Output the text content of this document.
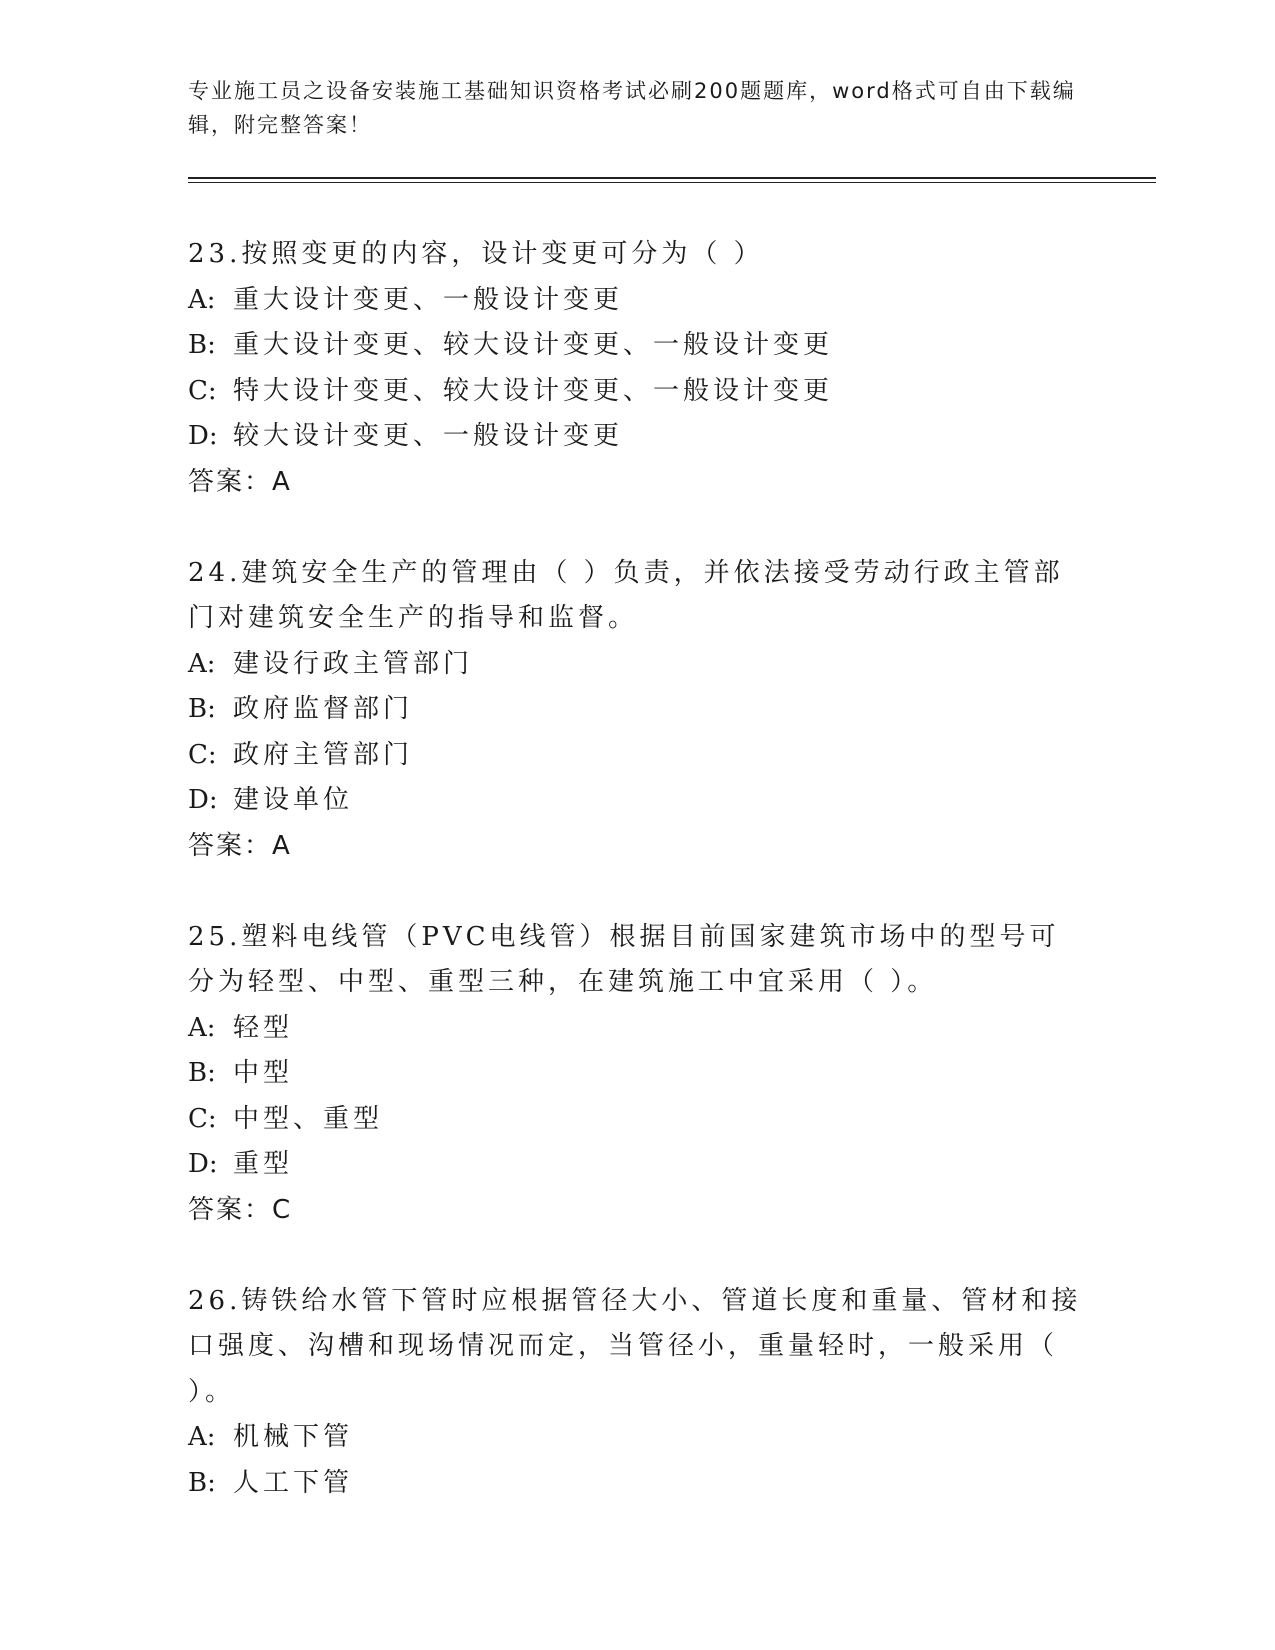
专业施工员之设备安装施工基础知识资格考试必刷200题题库，word格式可自由下载编辑，附完整答案！

23.按照变更的内容，设计变更可分为（ ）

A: 重大设计变更、一般设计变更

B: 重大设计变更、较大设计变更、一般设计变更

C: 特大设计变更、较大设计变更、一般设计变更

D: 较大设计变更、一般设计变更

答案：A

24.建筑安全生产的管理由（ ）负责，并依法接受劳动行政主管部门对建筑安全生产的指导和监督。

A: 建设行政主管部门

B: 政府监督部门

C: 政府主管部门

D: 建设单位

答案：A

25.塑料电线管（PVC电线管）根据目前国家建筑市场中的型号可分为轻型、中型、重型三种，在建筑施工中宜采用（ ）。

A: 轻型

B: 中型

C: 中型、重型

D: 重型

答案：C

26.铸铁给水管下管时应根据管径大小、管道长度和重量、管材和接口强度、沟槽和现场情况而定，当管径小，重量轻时，一般采用（ ）。

A: 机械下管

B: 人工下管
